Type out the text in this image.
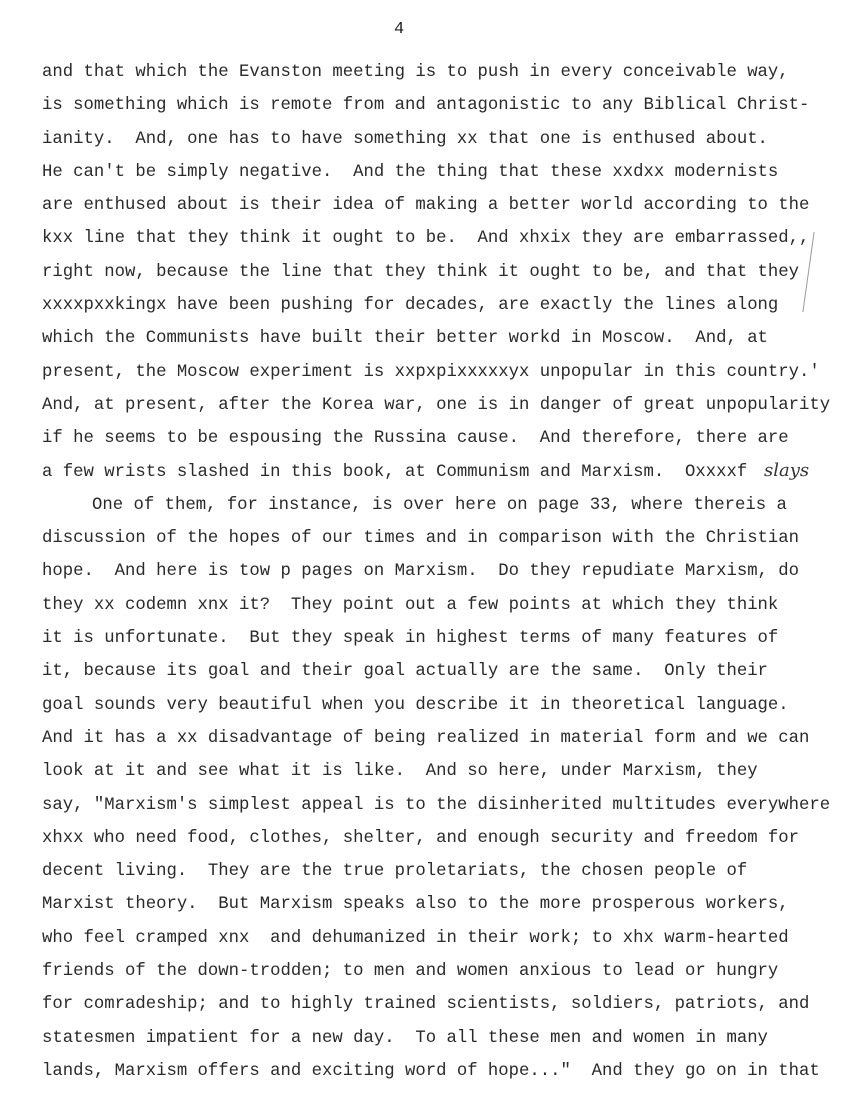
4
and that which the Evanston meeting is to push in every conceivable way,
is something which is remote from and antagonistic to any Biblical Christ-
ianity.  And, one has to have something xx that one is enthused about.
He can't be simply negative.  And the thing that these xxdxx modernists
are enthused about is their idea of making a better world according to the
kxx line that they think it ought to be.  And xhxix they are embarrassed,,
right now, because the line that they think it ought to be, and that they
xxxxpxxkingx have been pushing for decades, are exactly the lines along
which the Communists have built their better workd in Moscow.  And, at
present, the Moscow experiment is xxpxpixxxxxyx unpopular in this country.'
And, at present, after the Korea war, one is in danger of great unpopularity
if he seems to be espousing the Russina cause.  And therefore, there are
a few wrists slashed in this book, at Communism and Marxism.  Oxxxxf
One of them, for instance, is over here on page 33, where thereis a
discussion of the hopes of our times and in comparison with the Christian
hope.  And here is tow p pages on Marxism.  Do they repudiate Marxism, do
they xx codemn xnx it?  They point out a few points at which they think
it is unfortunate.  But they speak in highest terms of many features of
it, because its goal and their goal actually are the same.  Only their
goal sounds very beautiful when you describe it in theoretical language.
And it has a xx disadvantage of being realized in material form and we can
look at it and see what it is like.  And so here, under Marxism, they
say, "Marxism's simplest appeal is to the disinherited multitudes everywhere
xhxx who need food, clothes, shelter, and enough security and freedom for
decent living.  They are the true proletariats, the chosen people of
Marxist theory.  But Marxism speaks also to the more prosperous workers,
who feel cramped xnx  and dehumanized in their work; to xhx warm-hearted
friends of the down-trodden; to men and women anxious to lead or hungry
for comradeship; and to highly trained scientists, soldiers, patriots, and
statesmen impatient for a new day.  To all these men and women in many
lands, Marxism offers and exciting word of hope..."  And they go on in that
slays
